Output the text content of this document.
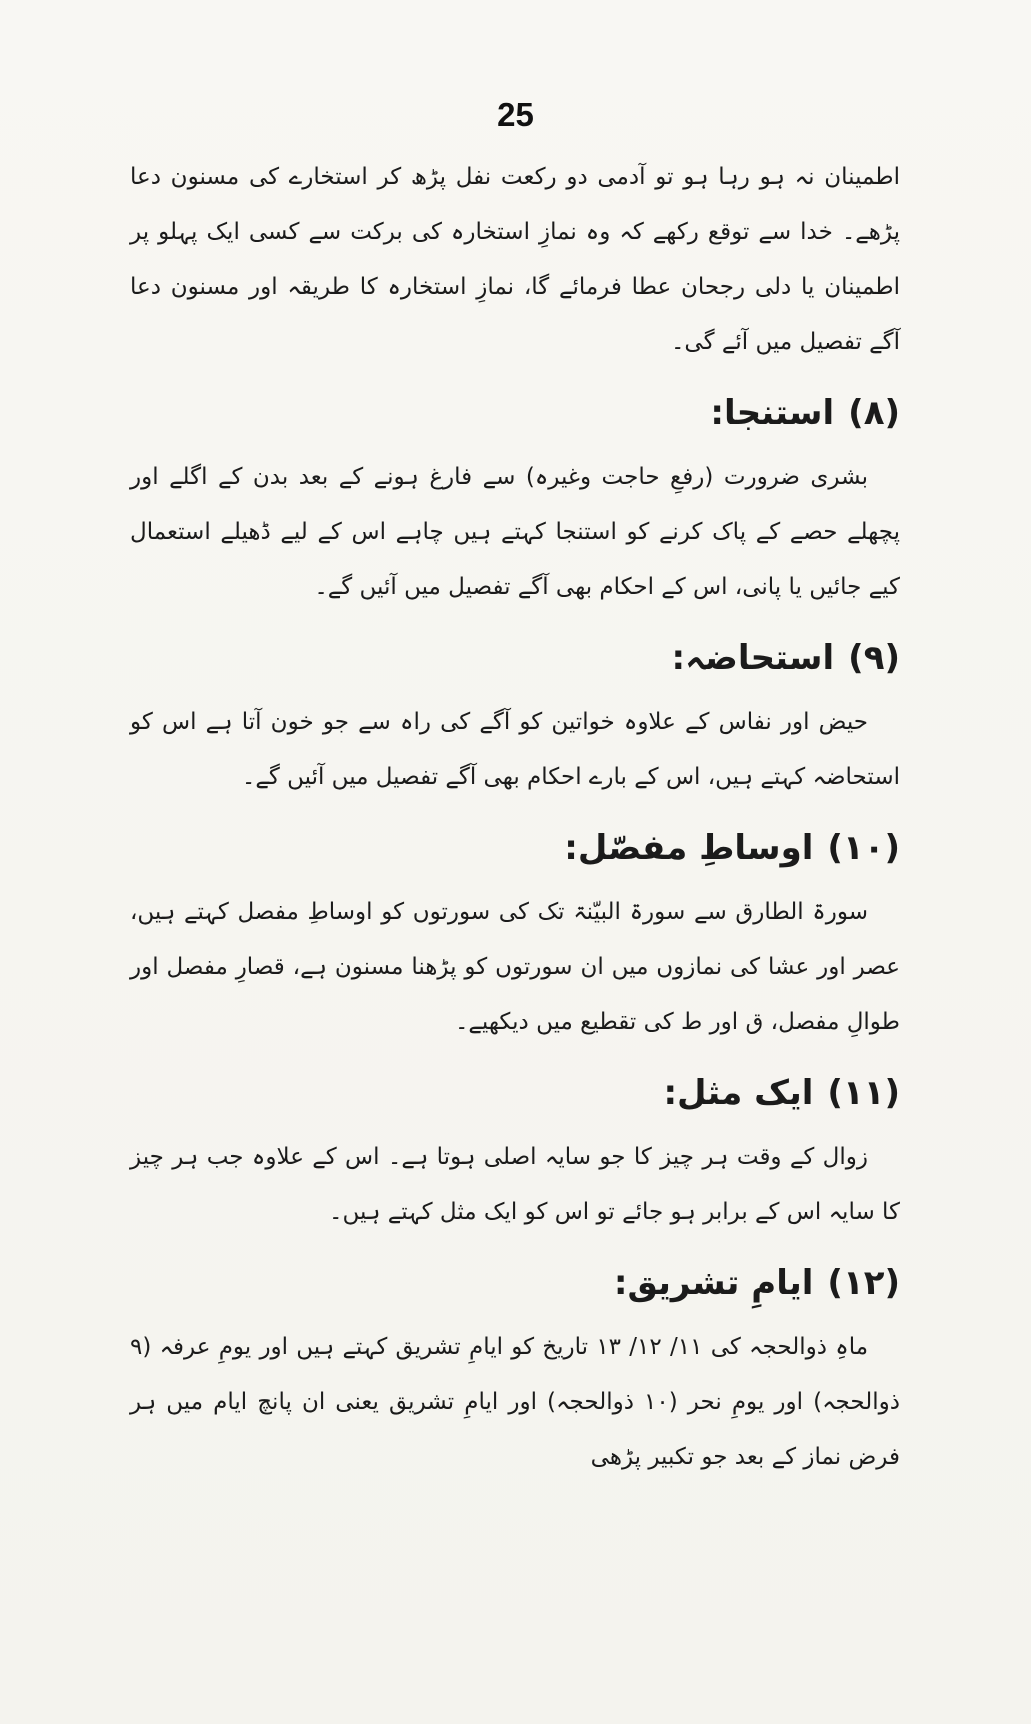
25

اطمینان نہ ہو رہا ہو تو آدمی دو رکعت نفل پڑھ کر استخارے کی مسنون دعا پڑھے۔ خدا سے توقع رکھے کہ وہ نمازِ استخارہ کی برکت سے کسی ایک پہلو پر اطمینان یا دلی رجحان عطا فرمائے گا، نمازِ استخارہ کا طریقہ اور مسنون دعا آگے تفصیل میں آئے گی۔

(۸)
استنجا:

بشری ضرورت (رفعِ حاجت وغیرہ) سے فارغ ہونے کے بعد بدن کے اگلے اور پچھلے حصے کے پاک کرنے کو استنجا کہتے ہیں چاہے اس کے لیے ڈھیلے استعمال کیے جائیں یا پانی، اس کے احکام بھی آگے تفصیل میں آئیں گے۔

(۹)
استحاضہ:

حیض اور نفاس کے علاوہ خواتین کو آگے کی راہ سے جو خون آتا ہے اس کو استحاضہ کہتے ہیں، اس کے بارے احکام بھی آگے تفصیل میں آئیں گے۔

(۱۰)
اوساطِ مفصّل:

سورۃ الطارق سے سورۃ البیّنۃ تک کی سورتوں کو اوساطِ مفصل کہتے ہیں، عصر اور عشا کی نمازوں میں ان سورتوں کو پڑھنا مسنون ہے، قصارِ مفصل اور طوالِ مفصل، ق اور ط کی تقطیع میں دیکھیے۔

(۱۱)
ایک مثل:

زوال کے وقت ہر چیز کا جو سایہ اصلی ہوتا ہے۔ اس کے علاوہ جب ہر چیز کا سایہ اس کے برابر ہو جائے تو اس کو ایک مثل کہتے ہیں۔

(۱۲)
ایامِ تشریق:

ماہِ ذوالحجہ کی ۱۱/ ۱۲/ ۱۳ تاریخ کو ایامِ تشریق کہتے ہیں اور یومِ عرفہ (۹ ذوالحجہ) اور یومِ نحر (۱۰ ذوالحجہ) اور ایامِ تشریق یعنی ان پانچ ایام میں ہر فرض نماز کے بعد جو تکبیر پڑھی
